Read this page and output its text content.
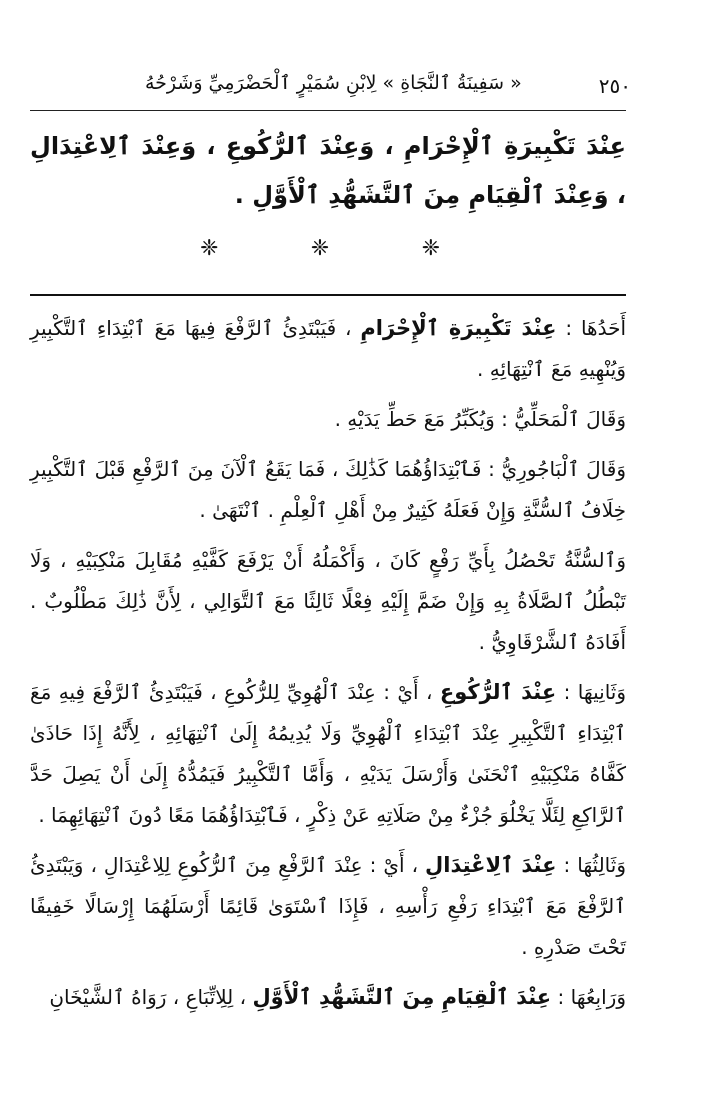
٢٥٠
« سَفِينَةُ ٱلنَّجَاةِ » لِابْنِ سُمَيْرٍ ٱلْحَضْرَمِيِّ وَشَرْحُهُ
عِنْدَ تَكْبِيرَةِ ٱلْإِحْرَامِ ، وَعِنْدَ ٱلرُّكُوعِ ، وَعِنْدَ ٱلِاعْتِدَالِ ، وَعِنْدَ ٱلْقِيَامِ مِنَ ٱلتَّشَهُّدِ ٱلْأَوَّلِ .
❈	❈	❈

أَحَدُهَا : عِنْدَ تَكْبِيرَةِ ٱلْإِحْرَامِ ، فَيَبْتَدِئُ ٱلرَّفْعَ فِيهَا مَعَ ٱبْتِدَاءِ ٱلتَّكْبِيرِ وَيُنْهِيهِ مَعَ ٱنْتِهَائِهِ .

وَقَالَ ٱلْمَحَلِّيُّ : وَيُكَبِّرُ مَعَ حَطِّ يَدَيْهِ .

وَقَالَ ٱلْبَاجُورِيُّ : فَٱبْتِدَاؤُهُمَا كَذَٰلِكَ ، فَمَا يَقَعُ ٱلْآنَ مِنَ ٱلرَّفْعِ قَبْلَ ٱلتَّكْبِيرِ خِلَافُ ٱلسُّنَّةِ وَإِنْ فَعَلَهُ كَثِيرٌ مِنْ أَهْلِ ٱلْعِلْمِ . ٱنْتَهَىٰ .

وَٱلسُّنَّةُ تَحْصُلُ بِأَيِّ رَفْعٍ كَانَ ، وَأَكْمَلُهُ أَنْ يَرْفَعَ كَفَّيْهِ مُقَابِلَ مَنْكِبَيْهِ ، وَلَا تَبْطُلُ ٱلصَّلَاةُ بِهِ وَإِنْ ضَمَّ إِلَيْهِ فِعْلًا ثَالِثًا مَعَ ٱلتَّوَالِي ، لِأَنَّ ذَٰلِكَ مَطْلُوبٌ . أَفَادَهُ ٱلشَّرْقَاوِيُّ .

وَثَانِيهَا : عِنْدَ ٱلرُّكُوعِ ، أَيْ : عِنْدَ ٱلْهُوِيِّ لِلرُّكُوعِ ، فَيَبْتَدِئُ ٱلرَّفْعَ فِيهِ مَعَ ٱبْتِدَاءِ ٱلتَّكْبِيرِ عِنْدَ ٱبْتِدَاءِ ٱلْهُوِيِّ وَلَا يُدِيمُهُ إِلَىٰ ٱنْتِهَائِهِ ، لِأَنَّهُ إِذَا حَاذَىٰ كَفَّاهُ مَنْكِبَيْهِ ٱنْحَنَىٰ وَأَرْسَلَ يَدَيْهِ ، وَأَمَّا ٱلتَّكْبِيرُ فَيَمُدُّهُ إِلَىٰ أَنْ يَصِلَ حَدَّ ٱلرَّاكِعِ لِئَلَّا يَخْلُوَ جُزْءٌ مِنْ صَلَاتِهِ عَنْ ذِكْرٍ ، فَٱبْتِدَاؤُهُمَا مَعًا دُونَ ٱنْتِهَائِهِمَا .

وَثَالِثُهَا : عِنْدَ ٱلِاعْتِدَالِ ، أَيْ : عِنْدَ ٱلرَّفْعِ مِنَ ٱلرُّكُوعِ لِلِاعْتِدَالِ ، وَيَبْتَدِئُ ٱلرَّفْعَ مَعَ ٱبْتِدَاءِ رَفْعِ رَأْسِهِ ، فَإِذَا ٱسْتَوَىٰ قَائِمًا أَرْسَلَهُمَا إِرْسَالًا خَفِيفًا تَحْتَ صَدْرِهِ .

وَرَابِعُهَا : عِنْدَ ٱلْقِيَامِ مِنَ ٱلتَّشَهُّدِ ٱلْأَوَّلِ ، لِلِاتِّبَاعِ ، رَوَاهُ ٱلشَّيْخَانِ
